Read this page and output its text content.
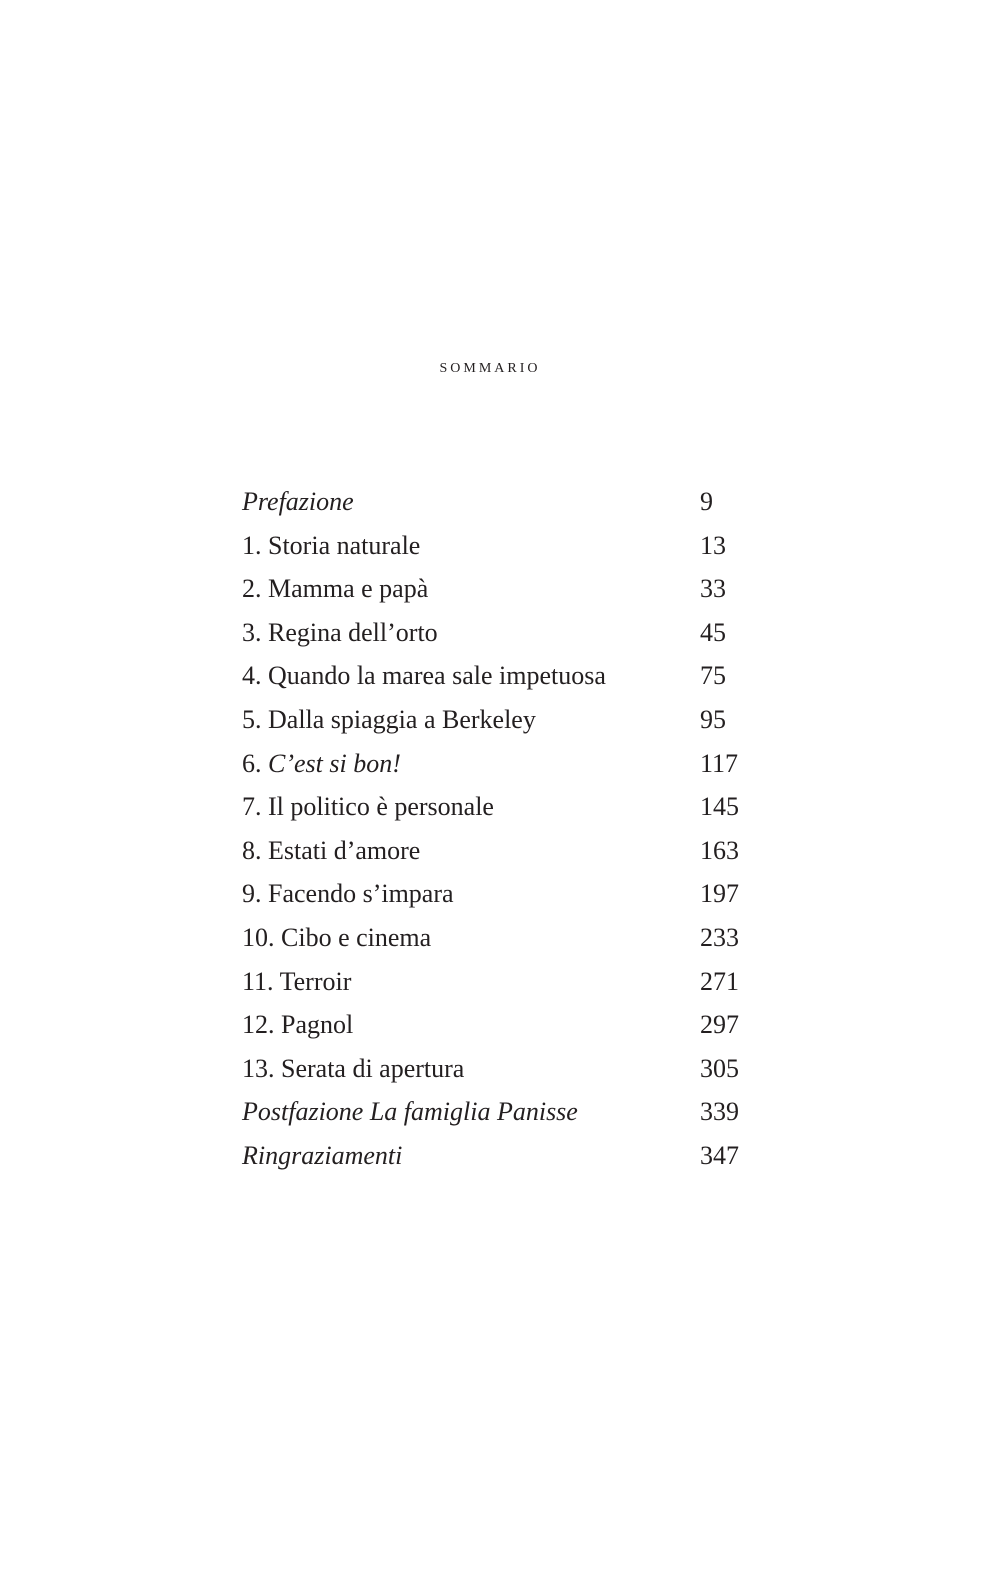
sommario
Prefazione	9
1. Storia naturale	13
2. Mamma e papà	33
3. Regina dell’orto	45
4. Quando la marea sale impetuosa	75
5. Dalla spiaggia a Berkeley	95
6. C’est si bon!	117
7. Il politico è personale	145
8. Estati d’amore	163
9. Facendo s’impara	197
10. Cibo e cinema	233
11. Terroir	271
12. Pagnol	297
13. Serata di apertura	305
Postfazione La famiglia Panisse	339
Ringraziamenti	347
